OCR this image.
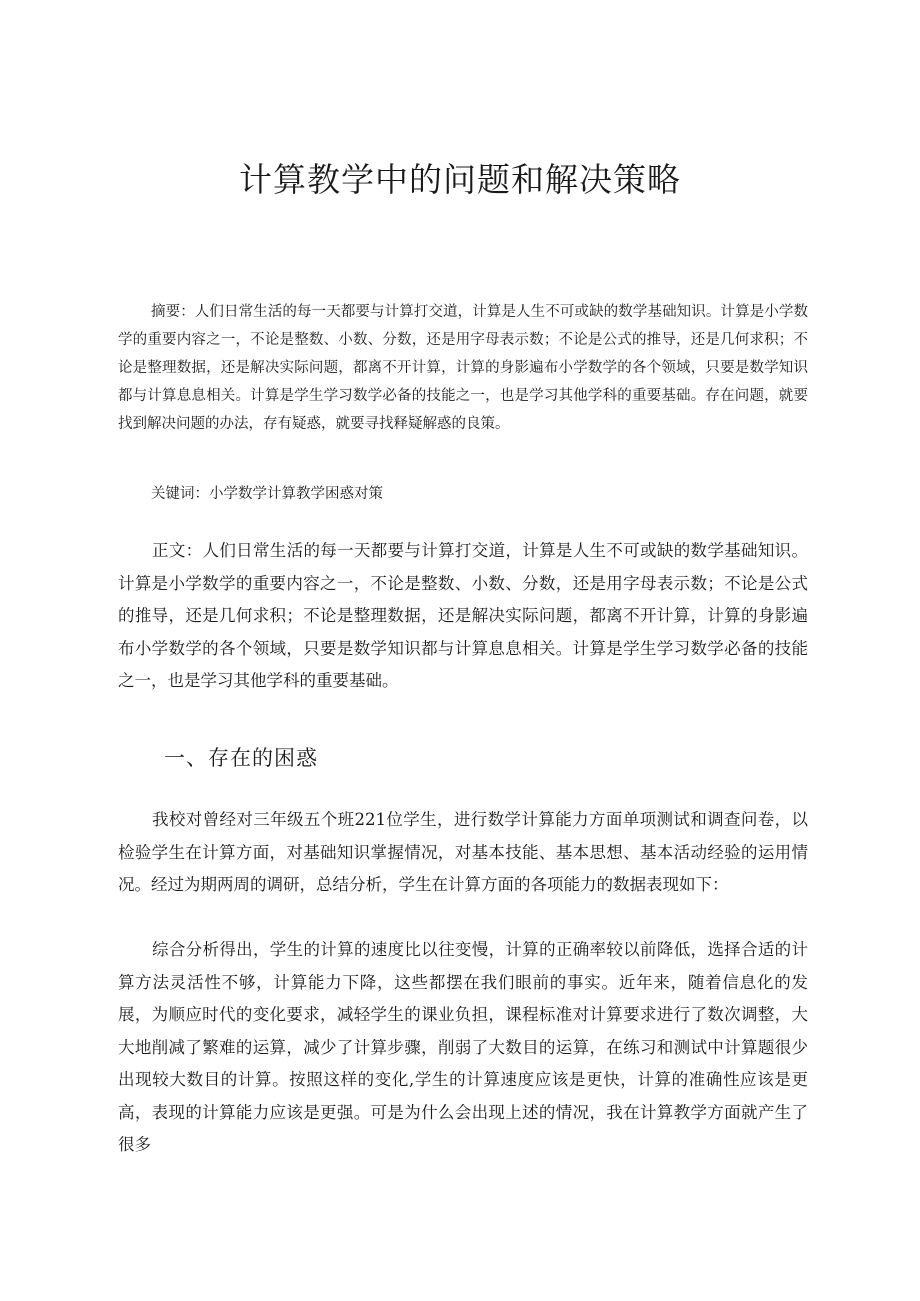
计算教学中的问题和解决策略

摘要：人们日常生活的每一天都要与计算打交道，计算是人生不可或缺的数学基础知识。计算是小学数学的重要内容之一，不论是整数、小数、分数，还是用字母表示数；不论是公式的推导，还是几何求积；不论是整理数据，还是解决实际问题，都离不开计算，计算的身影遍布小学数学的各个领域，只要是数学知识都与计算息息相关。计算是学生学习数学必备的技能之一，也是学习其他学科的重要基础。存在问题，就要找到解决问题的办法，存有疑惑，就要寻找释疑解惑的良策。

关键词：小学数学计算教学困惑对策

正文：人们日常生活的每一天都要与计算打交道，计算是人生不可或缺的数学基础知识。计算是小学数学的重要内容之一，不论是整数、小数、分数，还是用字母表示数；不论是公式的推导，还是几何求积；不论是整理数据，还是解决实际问题，都离不开计算，计算的身影遍布小学数学的各个领域，只要是数学知识都与计算息息相关。计算是学生学习数学必备的技能之一，也是学习其他学科的重要基础。

一、存在的困惑

我校对曾经对三年级五个班221位学生，进行数学计算能力方面单项测试和调查问卷，以检验学生在计算方面，对基础知识掌握情况，对基本技能、基本思想、基本活动经验的运用情况。经过为期两周的调研，总结分析，学生在计算方面的各项能力的数据表现如下：

综合分析得出，学生的计算的速度比以往变慢，计算的正确率较以前降低，选择合适的计算方法灵活性不够，计算能力下降，这些都摆在我们眼前的事实。近年来，随着信息化的发展，为顺应时代的变化要求，减轻学生的课业负担，课程标准对计算要求进行了数次调整，大大地削减了繁难的运算，减少了计算步骤，削弱了大数目的运算，在练习和测试中计算题很少出现较大数目的计算。按照这样的变化,学生的计算速度应该是更快，计算的准确性应该是更高，表现的计算能力应该是更强。可是为什么会出现上述的情况，我在计算教学方面就产生了很多
